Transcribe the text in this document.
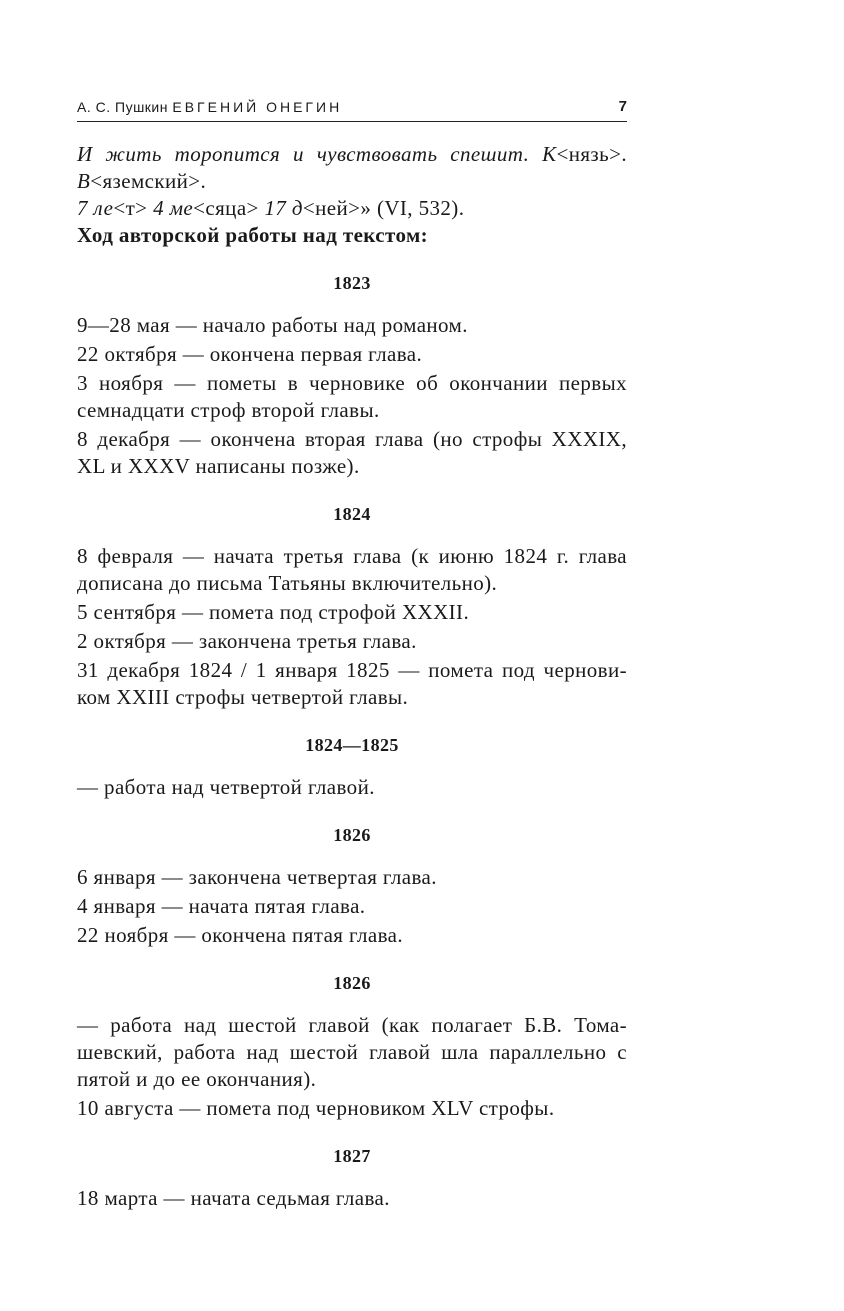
А. С. Пушкин ЕВГЕНИЙ ОНЕГИН	7
И жить торопится и чувствовать спешит. К<нязь>.
В<яземский>.
7 ле<т> 4 ме<сяца> 17 д<ней>» (VI, 532).
Ход авторской работы над текстом:
1823
9—28 мая — начало работы над романом.
22 октября — окончена первая глава.
3 ноября — пометы в черновике об окончании первых
семнадцати строф второй главы.
8 декабря — окончена вторая глава (но строфы XXXIX,
XL и XXXV написаны позже).
1824
8 февраля — начата третья глава (к июню 1824 г. глава
дописана до письма Татьяны включительно).
5 сентября — помета под строфой XXXII.
2 октября — закончена третья глава.
31 декабря 1824 / 1 января 1825 — помета под чернови-
ком XXIII строфы четвертой главы.
1824—1825
— работа над четвертой главой.
1826
6 января — закончена четвертая глава.
4 января — начата пятая глава.
22 ноября — окончена пятая глава.
1826
— работа над шестой главой (как полагает Б.В. Тома-
шевский, работа над шестой главой шла параллельно с
пятой и до ее окончания).
10 августа — помета под черновиком XLV строфы.
1827
18 марта — начата седьмая глава.
